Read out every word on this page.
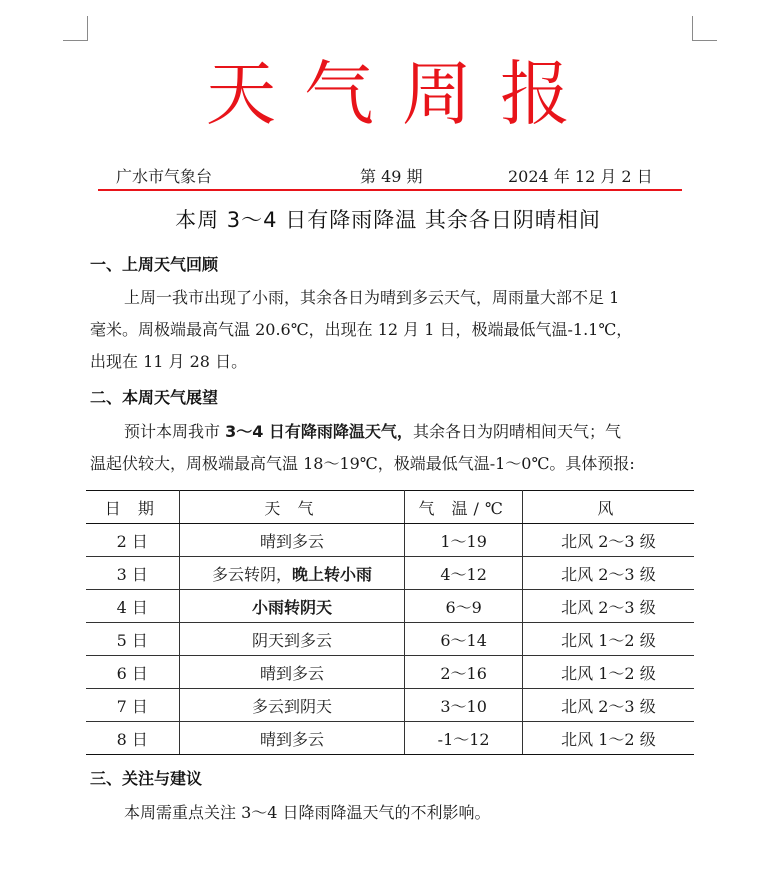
天气周报
广水市气象台	第 49 期	2024 年 12 月 2 日
本周 3～4 日有降雨降温 其余各日阴晴相间
一、上周天气回顾
上周一我市出现了小雨，其余各日为晴到多云天气，周雨量大部不足 1
毫米。周极端最高气温 20.6℃，出现在 12 月 1 日，极端最低气温-1.1℃，
出现在 11 月 28 日。
二、本周天气展望
预计本周我市 3～4 日有降雨降温天气，其余各日为阴晴相间天气；气
温起伏较大，周极端最高气温 18～19℃，极端最低气温-1～0℃。具体预报:
日 期	天 气	气 温/℃	风
2 日	晴到多云	1～19	北风 2～3 级
3 日	多云转阴，晚上转小雨	4～12	北风 2～3 级
4 日	小雨转阴天	6～9	北风 2～3 级
5 日	阴天到多云	6～14	北风 1～2 级
6 日	晴到多云	2～16	北风 1～2 级
7 日	多云到阴天	3～10	北风 2～3 级
8 日	晴到多云	-1～12	北风 1～2 级
三、关注与建议
本周需重点关注 3～4 日降雨降温天气的不利影响。
